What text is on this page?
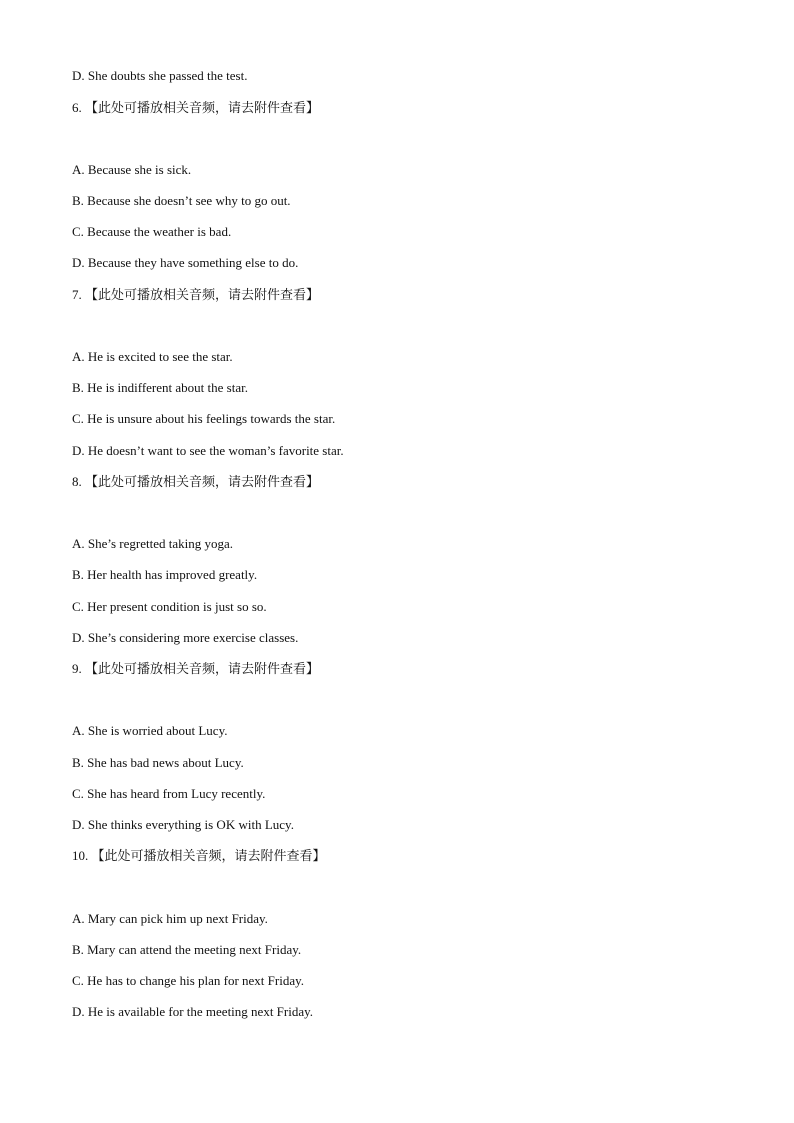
D. She doubts she passed the test.
6. 【此处可播放相关音频，请去附件查看】
A. Because she is sick.
B. Because she doesn’t see why to go out.
C. Because the weather is bad.
D. Because they have something else to do.
7. 【此处可播放相关音频，请去附件查看】
A. He is excited to see the star.
B. He is indifferent about the star.
C. He is unsure about his feelings towards the star.
D. He doesn’t want to see the woman’s favorite star.
8. 【此处可播放相关音频，请去附件查看】
A. She’s regretted taking yoga.
B. Her health has improved greatly.
C. Her present condition is just so so.
D. She’s considering more exercise classes.
9. 【此处可播放相关音频，请去附件查看】
A. She is worried about Lucy.
B. She has bad news about Lucy.
C. She has heard from Lucy recently.
D. She thinks everything is OK with Lucy.
10. 【此处可播放相关音频，请去附件查看】
A. Mary can pick him up next Friday.
B. Mary can attend the meeting next Friday.
C. He has to change his plan for next Friday.
D. He is available for the meeting next Friday.
